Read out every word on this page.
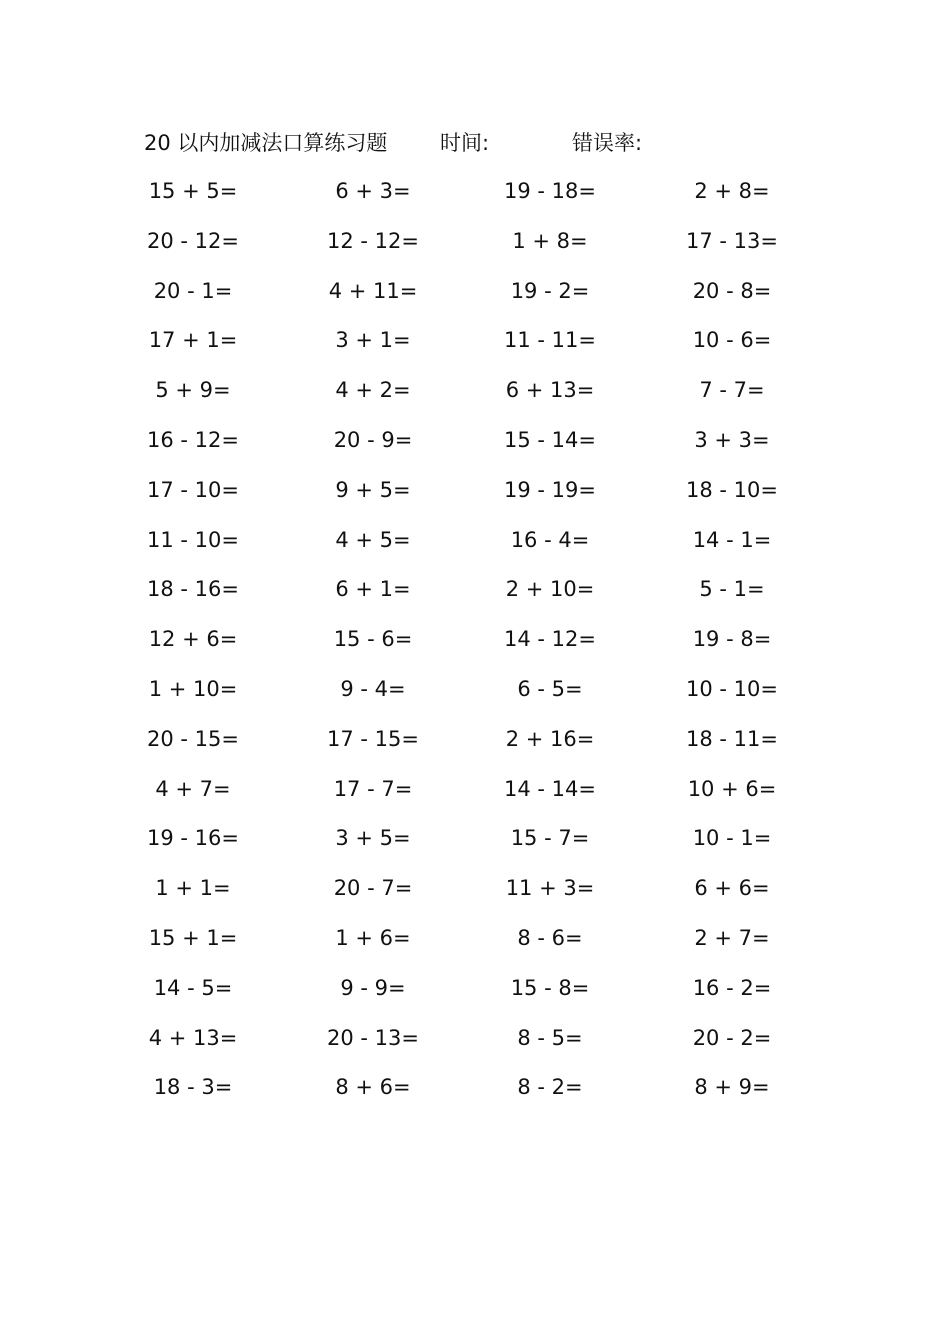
20 以内加减法口算练习题	时间:	错误率:
15 + 5=	6 + 3=	19 - 18=	2 + 8=
20 - 12=	12 - 12=	1 + 8=	17 - 13=
20 - 1=	4 + 11=	19 - 2=	20 - 8=
17 + 1=	3 + 1=	11 - 11=	10 - 6=
5 + 9=	4 + 2=	6 + 13=	7 - 7=
16 - 12=	20 - 9=	15 - 14=	3 + 3=
17 - 10=	9 + 5=	19 - 19=	18 - 10=
11 - 10=	4 + 5=	16 - 4=	14 - 1=
18 - 16=	6 + 1=	2 + 10=	5 - 1=
12 + 6=	15 - 6=	14 - 12=	19 - 8=
1 + 10=	9 - 4=	6 - 5=	10 - 10=
20 - 15=	17 - 15=	2 + 16=	18 - 11=
4 + 7=	17 - 7=	14 - 14=	10 + 6=
19 - 16=	3 + 5=	15 - 7=	10 - 1=
1 + 1=	20 - 7=	11 + 3=	6 + 6=
15 + 1=	1 + 6=	8 - 6=	2 + 7=
14 - 5=	9 - 9=	15 - 8=	16 - 2=
4 + 13=	20 - 13=	8 - 5=	20 - 2=
18 - 3=	8 + 6=	8 - 2=	8 + 9=
